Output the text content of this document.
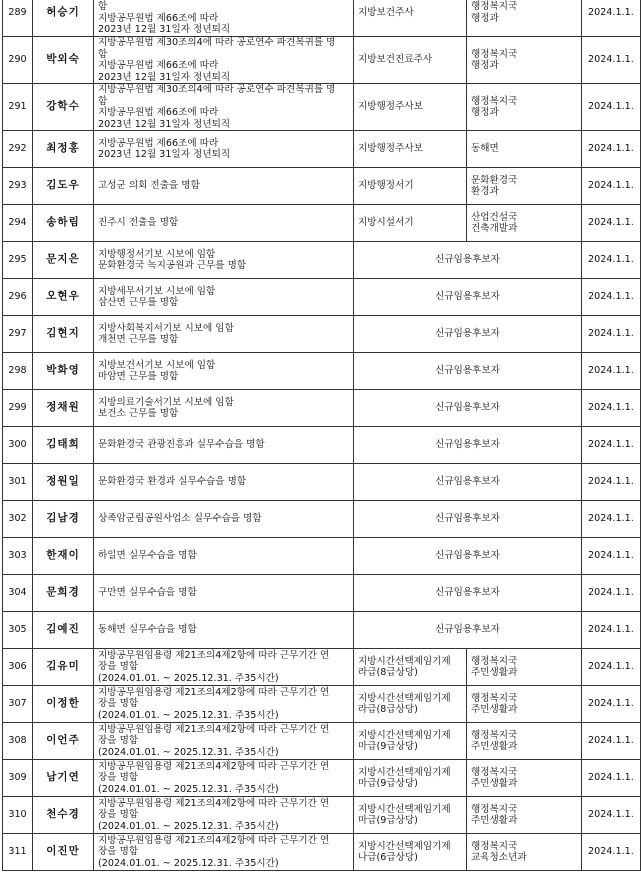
289	허승기	함
지방공무원법 제66조에 따라
2023년 12월 31일자 정년퇴직	지방보건주사	행정복지국
행정과	2024.1.1.
290	박외숙	지방공무원법 제30조의4에 따라 공로연수 파견복귀를 명
함
지방공무원법 제66조에 따라
2023년 12월 31일자 정년퇴직	지방보건진료주사	행정복지국
행정과	2024.1.1.
291	강학수	지방공무원법 제30조의4에 따라 공로연수 파견복귀를 명
함
지방공무원법 제66조에 따라
2023년 12월 31일자 정년퇴직	지방행정주사보	행정복지국
행정과	2024.1.1.
292	최정홍	지방공무원법 제66조에 따라
2023년 12월 31일자 정년퇴직	지방행정주사보	동해면	2024.1.1.
293	김도우	고성군 의회 전출을 명함	지방행정서기	문화환경국
환경과	2024.1.1.
294	송하림	진주시 전출을 명함	지방시설서기	산업건설국
건축개발과	2024.1.1.
295	문지은	지방행정서기보 시보에 임함
문화환경국 녹지공원과 근무를 명함	신규임용후보자		2024.1.1.
296	오현우	지방세무서기보 시보에 임함
삼산면 근무를 명함	신규임용후보자		2024.1.1.
297	김현지	지방사회복지서기보 시보에 임함
개천면 근무를 명함	신규임용후보자		2024.1.1.
298	박화영	지방보건서기보 시보에 임함
마암면 근무를 명함	신규임용후보자		2024.1.1.
299	정채원	지방의료기술서기보 시보에 임함
보건소 근무를 명함	신규임용후보자		2024.1.1.
300	김태희	문화환경국 관광진흥과 실무수습을 명함	신규임용후보자		2024.1.1.
301	정원일	문화환경국 환경과 실무수습을 명함	신규임용후보자		2024.1.1.
302	김남경	상족암군립공원사업소 실무수습을 명함	신규임용후보자		2024.1.1.
303	한재이	하일면 실무수습을 명함	신규임용후보자		2024.1.1.
304	문희경	구만면 실무수습을 명함	신규임용후보자		2024.1.1.
305	김예진	동해면 실무수습을 명함	신규임용후보자		2024.1.1.
306	김유미	지방공무원임용령 제21조의4제2항에 따라 근무기간 연
장을 명함
(2024.01.01. ~ 2025.12.31. 주35시간)	지방시간선택제임기제
라급(8급상당)	행정복지국
주민생활과	2024.1.1.
307	이정한	지방공무원임용령 제21조의4제2항에 따라 근무기간 연
장을 명함
(2024.01.01. ~ 2025.12.31. 주35시간)	지방시간선택제임기제
라급(8급상당)	행정복지국
주민생활과	2024.1.1.
308	이언주	지방공무원임용령 제21조의4제2항에 따라 근무기간 연
장을 명함
(2024.01.01. ~ 2025.12.31. 주35시간)	지방시간선택제임기제
마급(9급상당)	행정복지국
주민생활과	2024.1.1.
309	남기연	지방공무원임용령 제21조의4제2항에 따라 근무기간 연
장을 명함
(2024.01.01. ~ 2025.12.31. 주35시간)	지방시간선택제임기제
마급(9급상당)	행정복지국
주민생활과	2024.1.1.
310	천수경	지방공무원임용령 제21조의4제2항에 따라 근무기간 연
장을 명함
(2024.01.01. ~ 2025.12.31. 주35시간)	지방시간선택제임기제
마급(9급상당)	행정복지국
주민생활과	2024.1.1.
311	이진만	지방공무원임용령 제21조의4제2항에 따라 근무기간 연
장을 명함
(2024.01.01. ~ 2025.12.31. 주35시간)	지방시간선택제임기제
나급(6급상당)	행정복지국
교육청소년과	2024.1.1.
